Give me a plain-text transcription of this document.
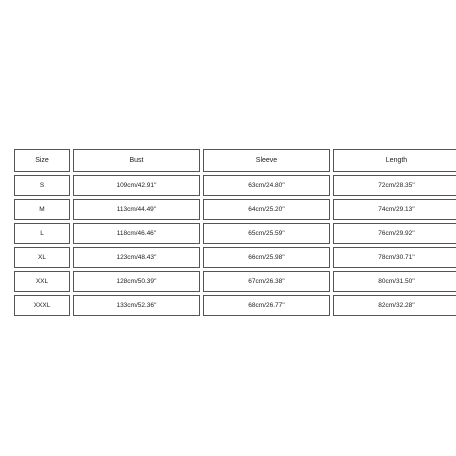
Size	Bust	Sleeve	Length
S	109cm/42.91''	63cm/24.80''	72cm/28.35''
M	113cm/44.49''	64cm/25.20''	74cm/29.13''
L	118cm/46.46''	65cm/25.59''	76cm/29.92''
XL	123cm/48.43''	66cm/25.98''	78cm/30.71''
XXL	128cm/50.39''	67cm/26.38''	80cm/31.50''
XXXL	133cm/52.36''	68cm/26.77''	82cm/32.28''
